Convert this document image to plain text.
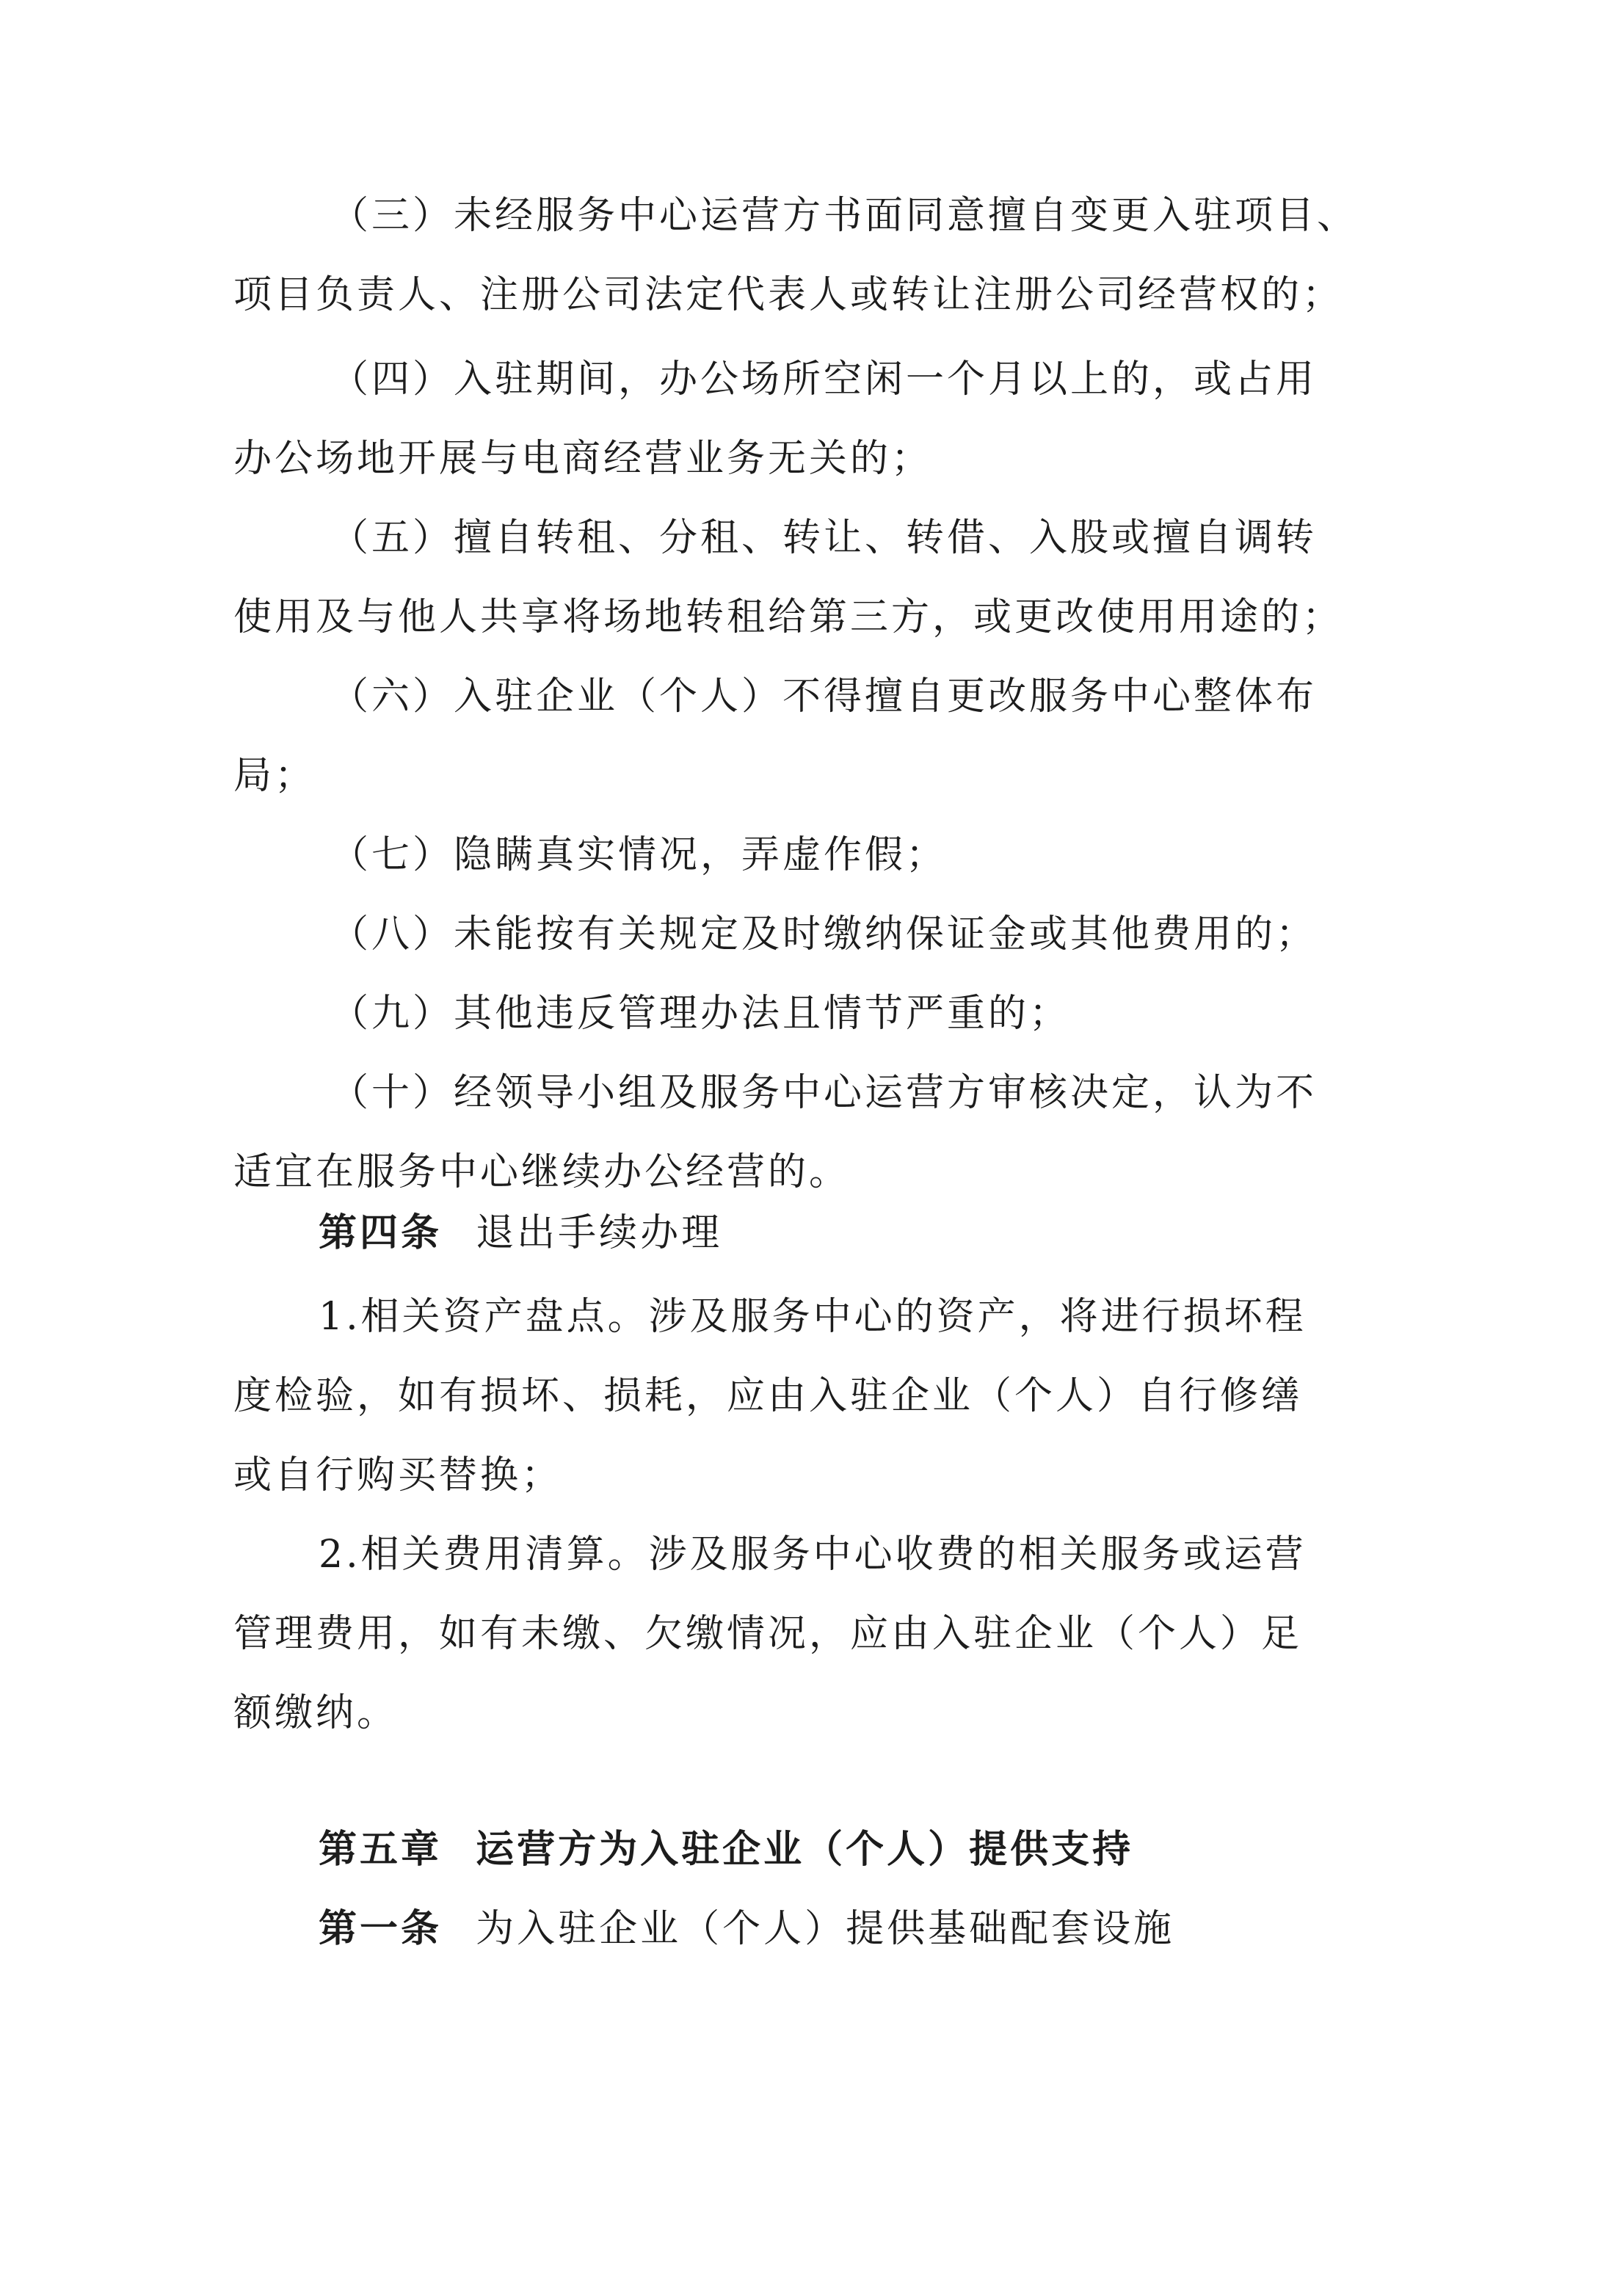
（三）未经服务中心运营方书面同意擅自变更入驻项目、
项目负责人、注册公司法定代表人或转让注册公司经营权的；
（四）入驻期间，办公场所空闲一个月以上的，或占用
办公场地开展与电商经营业务无关的；
（五）擅自转租、分租、转让、转借、入股或擅自调转
使用及与他人共享将场地转租给第三方，或更改使用用途的；
（六）入驻企业（个人）不得擅自更改服务中心整体布
局；
（七）隐瞒真实情况，弄虚作假；
（八）未能按有关规定及时缴纳保证金或其他费用的；
（九）其他违反管理办法且情节严重的；
（十）经领导小组及服务中心运营方审核决定，认为不
适宜在服务中心继续办公经营的。
第四条 退出手续办理
1.相关资产盘点。涉及服务中心的资产，将进行损坏程
度检验，如有损坏、损耗，应由入驻企业（个人）自行修缮
或自行购买替换；
2.相关费用清算。涉及服务中心收费的相关服务或运营
管理费用，如有未缴、欠缴情况，应由入驻企业（个人）足
额缴纳。
第五章 运营方为入驻企业（个人）提供支持
第一条 为入驻企业（个人）提供基础配套设施
